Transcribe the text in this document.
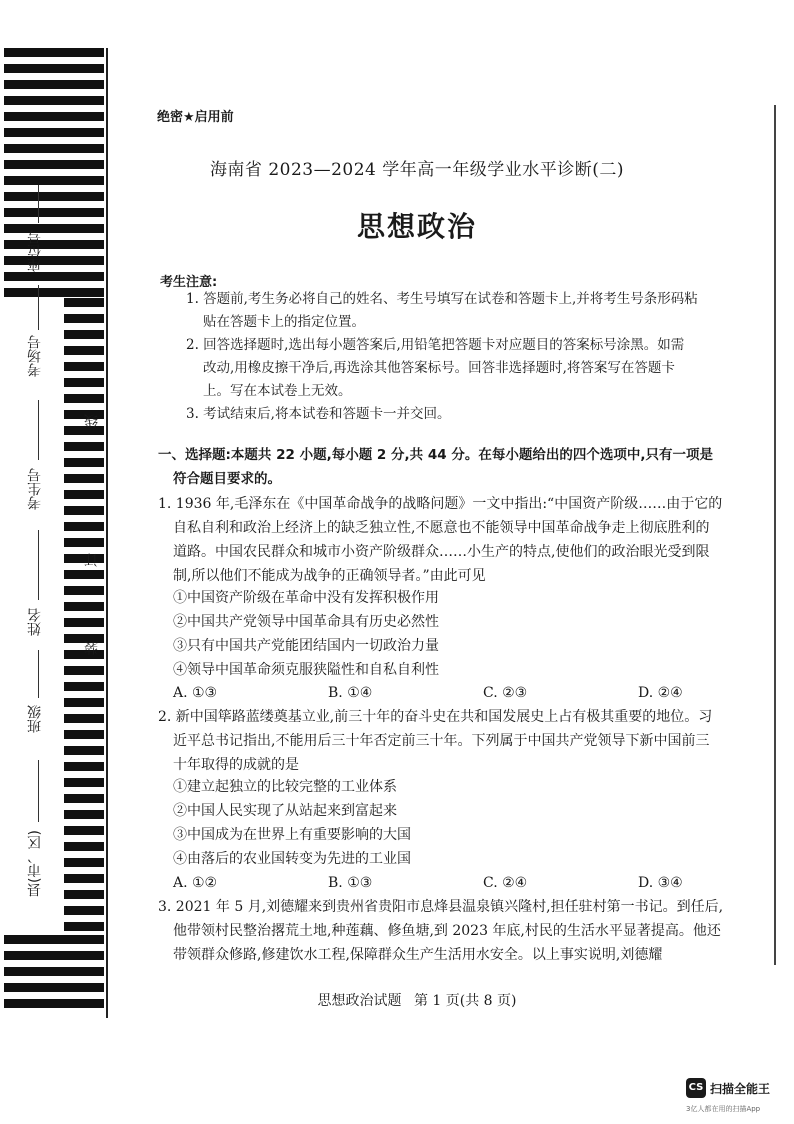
座位号
考场号
考生号
姓名
班级
县(市、区)
线
订
装
绝密★启用前
海南省 2023—2024 学年高一年级学业水平诊断(二)
思想政治
考生注意:
1. 答题前,考生务必将自己的姓名、考生号填写在试卷和答题卡上,并将考生号条形码粘
贴在答题卡上的指定位置。
2. 回答选择题时,选出每小题答案后,用铅笔把答题卡对应题目的答案标号涂黑。如需
改动,用橡皮擦干净后,再选涂其他答案标号。回答非选择题时,将答案写在答题卡
上。写在本试卷上无效。
3. 考试结束后,将本试卷和答题卡一并交回。
一、选择题:本题共 22 小题,每小题 2 分,共 44 分。在每小题给出的四个选项中,只有一项是
符合题目要求的。
1. 1936 年,毛泽东在《中国革命战争的战略问题》一文中指出:“中国资产阶级……由于它的
自私自利和政治上经济上的缺乏独立性,不愿意也不能领导中国革命战争走上彻底胜利的
道路。中国农民群众和城市小资产阶级群众……小生产的特点,使他们的政治眼光受到限
制,所以他们不能成为战争的正确领导者。”由此可见
①中国资产阶级在革命中没有发挥积极作用
②中国共产党领导中国革命具有历史必然性
③只有中国共产党能团结国内一切政治力量
④领导中国革命须克服狭隘性和自私自利性
A. ①③	B. ①④	C. ②③	D. ②④
2. 新中国筚路蓝缕奠基立业,前三十年的奋斗史在共和国发展史上占有极其重要的地位。习
近平总书记指出,不能用后三十年否定前三十年。下列属于中国共产党领导下新中国前三
十年取得的成就的是
①建立起独立的比较完整的工业体系
②中国人民实现了从站起来到富起来
③中国成为在世界上有重要影响的大国
④由落后的农业国转变为先进的工业国
A. ①②	B. ①③	C. ②④	D. ③④
3. 2021 年 5 月,刘德耀来到贵州省贵阳市息烽县温泉镇兴隆村,担任驻村第一书记。到任后,
他带领村民整治撂荒土地,种莲藕、修鱼塘,到 2023 年底,村民的生活水平显著提高。他还
带领群众修路,修建饮水工程,保障群众生产生活用水安全。以上事实说明,刘德耀
思想政治试题 第 1 页(共 8 页)
CS 扫描全能王
3亿人都在用的扫描App
